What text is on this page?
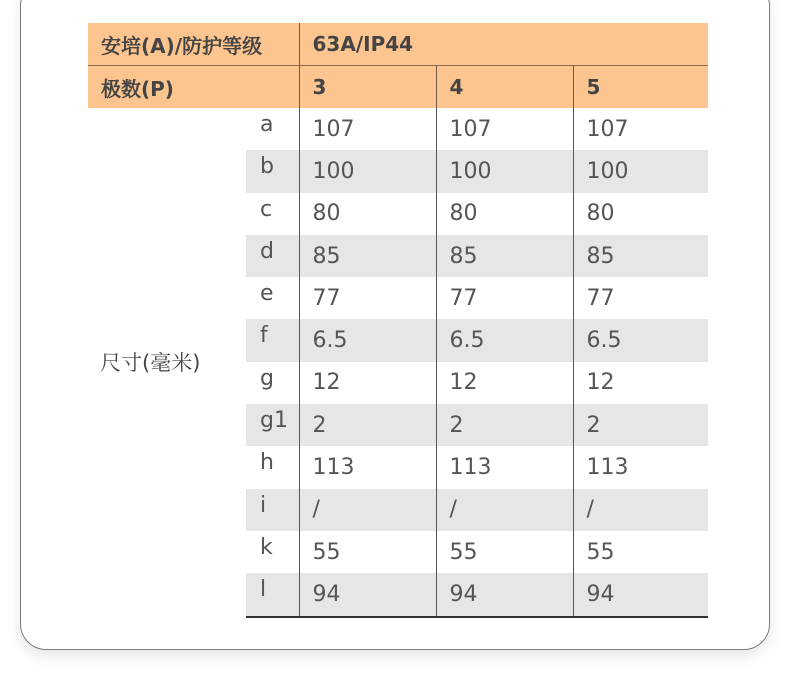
安培(A)/防护等级		63A/IP44		
极数(P)		3	4	5
尺寸(毫米)	a	107	107	107
	b	100	100	100
	c	80	80	80
	d	85	85	85
	e	77	77	77
	f	6.5	6.5	6.5
	g	12	12	12
	g1	2	2	2
	h	113	113	113
	i	/	/	/
	k	55	55	55
	l	94	94	94
